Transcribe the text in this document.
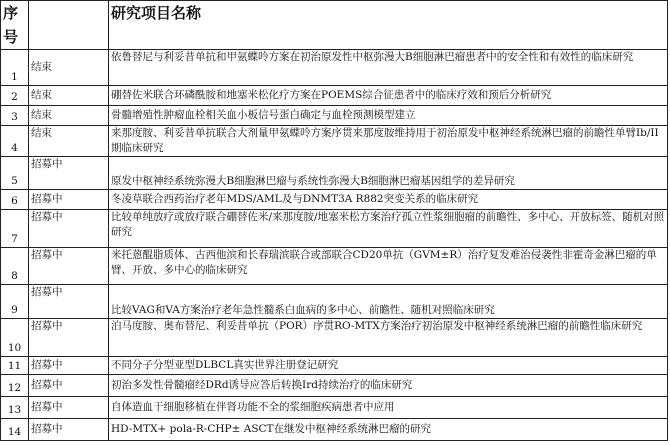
序号		研究项目名称
1	结束	依鲁替尼与利妥昔单抗和甲氨蝶呤方案在初治原发性中枢弥漫大B细胞淋巴瘤患者中的安全性和有效性的临床研究
2	结束	硼替佐米联合环磷酰胺和地塞米松化疗方案在POEMS综合征患者中的临床疗效和预后分析研究
3	结束	骨髓增殖性肿瘤血栓相关血小板信号蛋白确定与血栓预测模型建立
4	结束	来那度胺、利妥昔单抗联合大剂量甲氨蝶呤方案序贯来那度胺维持用于初治原发中枢神经系统淋巴瘤的前瞻性单臂Ib/II期临床研究
5	招募中	原发中枢神经系统弥漫大B细胞淋巴瘤与系统性弥漫大B细胞淋巴瘤基因组学的差异研究
6	招募中	冬凌草联合西药治疗老年MDS/AML及与DNMT3A R882突变关系的临床研究
7	招募中	比较单纯放疗或放疗联合硼替佐米/来那度胺/地塞米松方案治疗孤立性浆细胞瘤的前瞻性、多中心、开放标签、随机对照研究
8	招募中	米托蒽醌脂质体、古西他滨和长春瑞滨联合或部联合CD20单抗（GVM±R）治疗复发难治侵袭性非霍奇金淋巴瘤的单臂、开放、多中心的临床研究
9	招募中	比较VAG和VA方案治疗老年急性髓系白血病的多中心、前瞻性、随机对照临床研究
10	招募中	泊马度胺、奥布替尼、利妥昔单抗（POR）序贯RO-MTX方案治疗初治原发中枢神经系统淋巴瘤的前瞻性临床研究
11	招募中	不同分子分型亚型DLBCL真实世界注册登记研究
12	招募中	初治多发性骨髓瘤经DRd诱导应答后转换Ird持续治疗的临床研究
13	招募中	自体造血干细胞移植在伴肾功能不全的浆细胞疾病患者中应用
14	招募中	HD-MTX+ pola-R-CHP± ASCT在继发中枢神经系统淋巴瘤的研究
